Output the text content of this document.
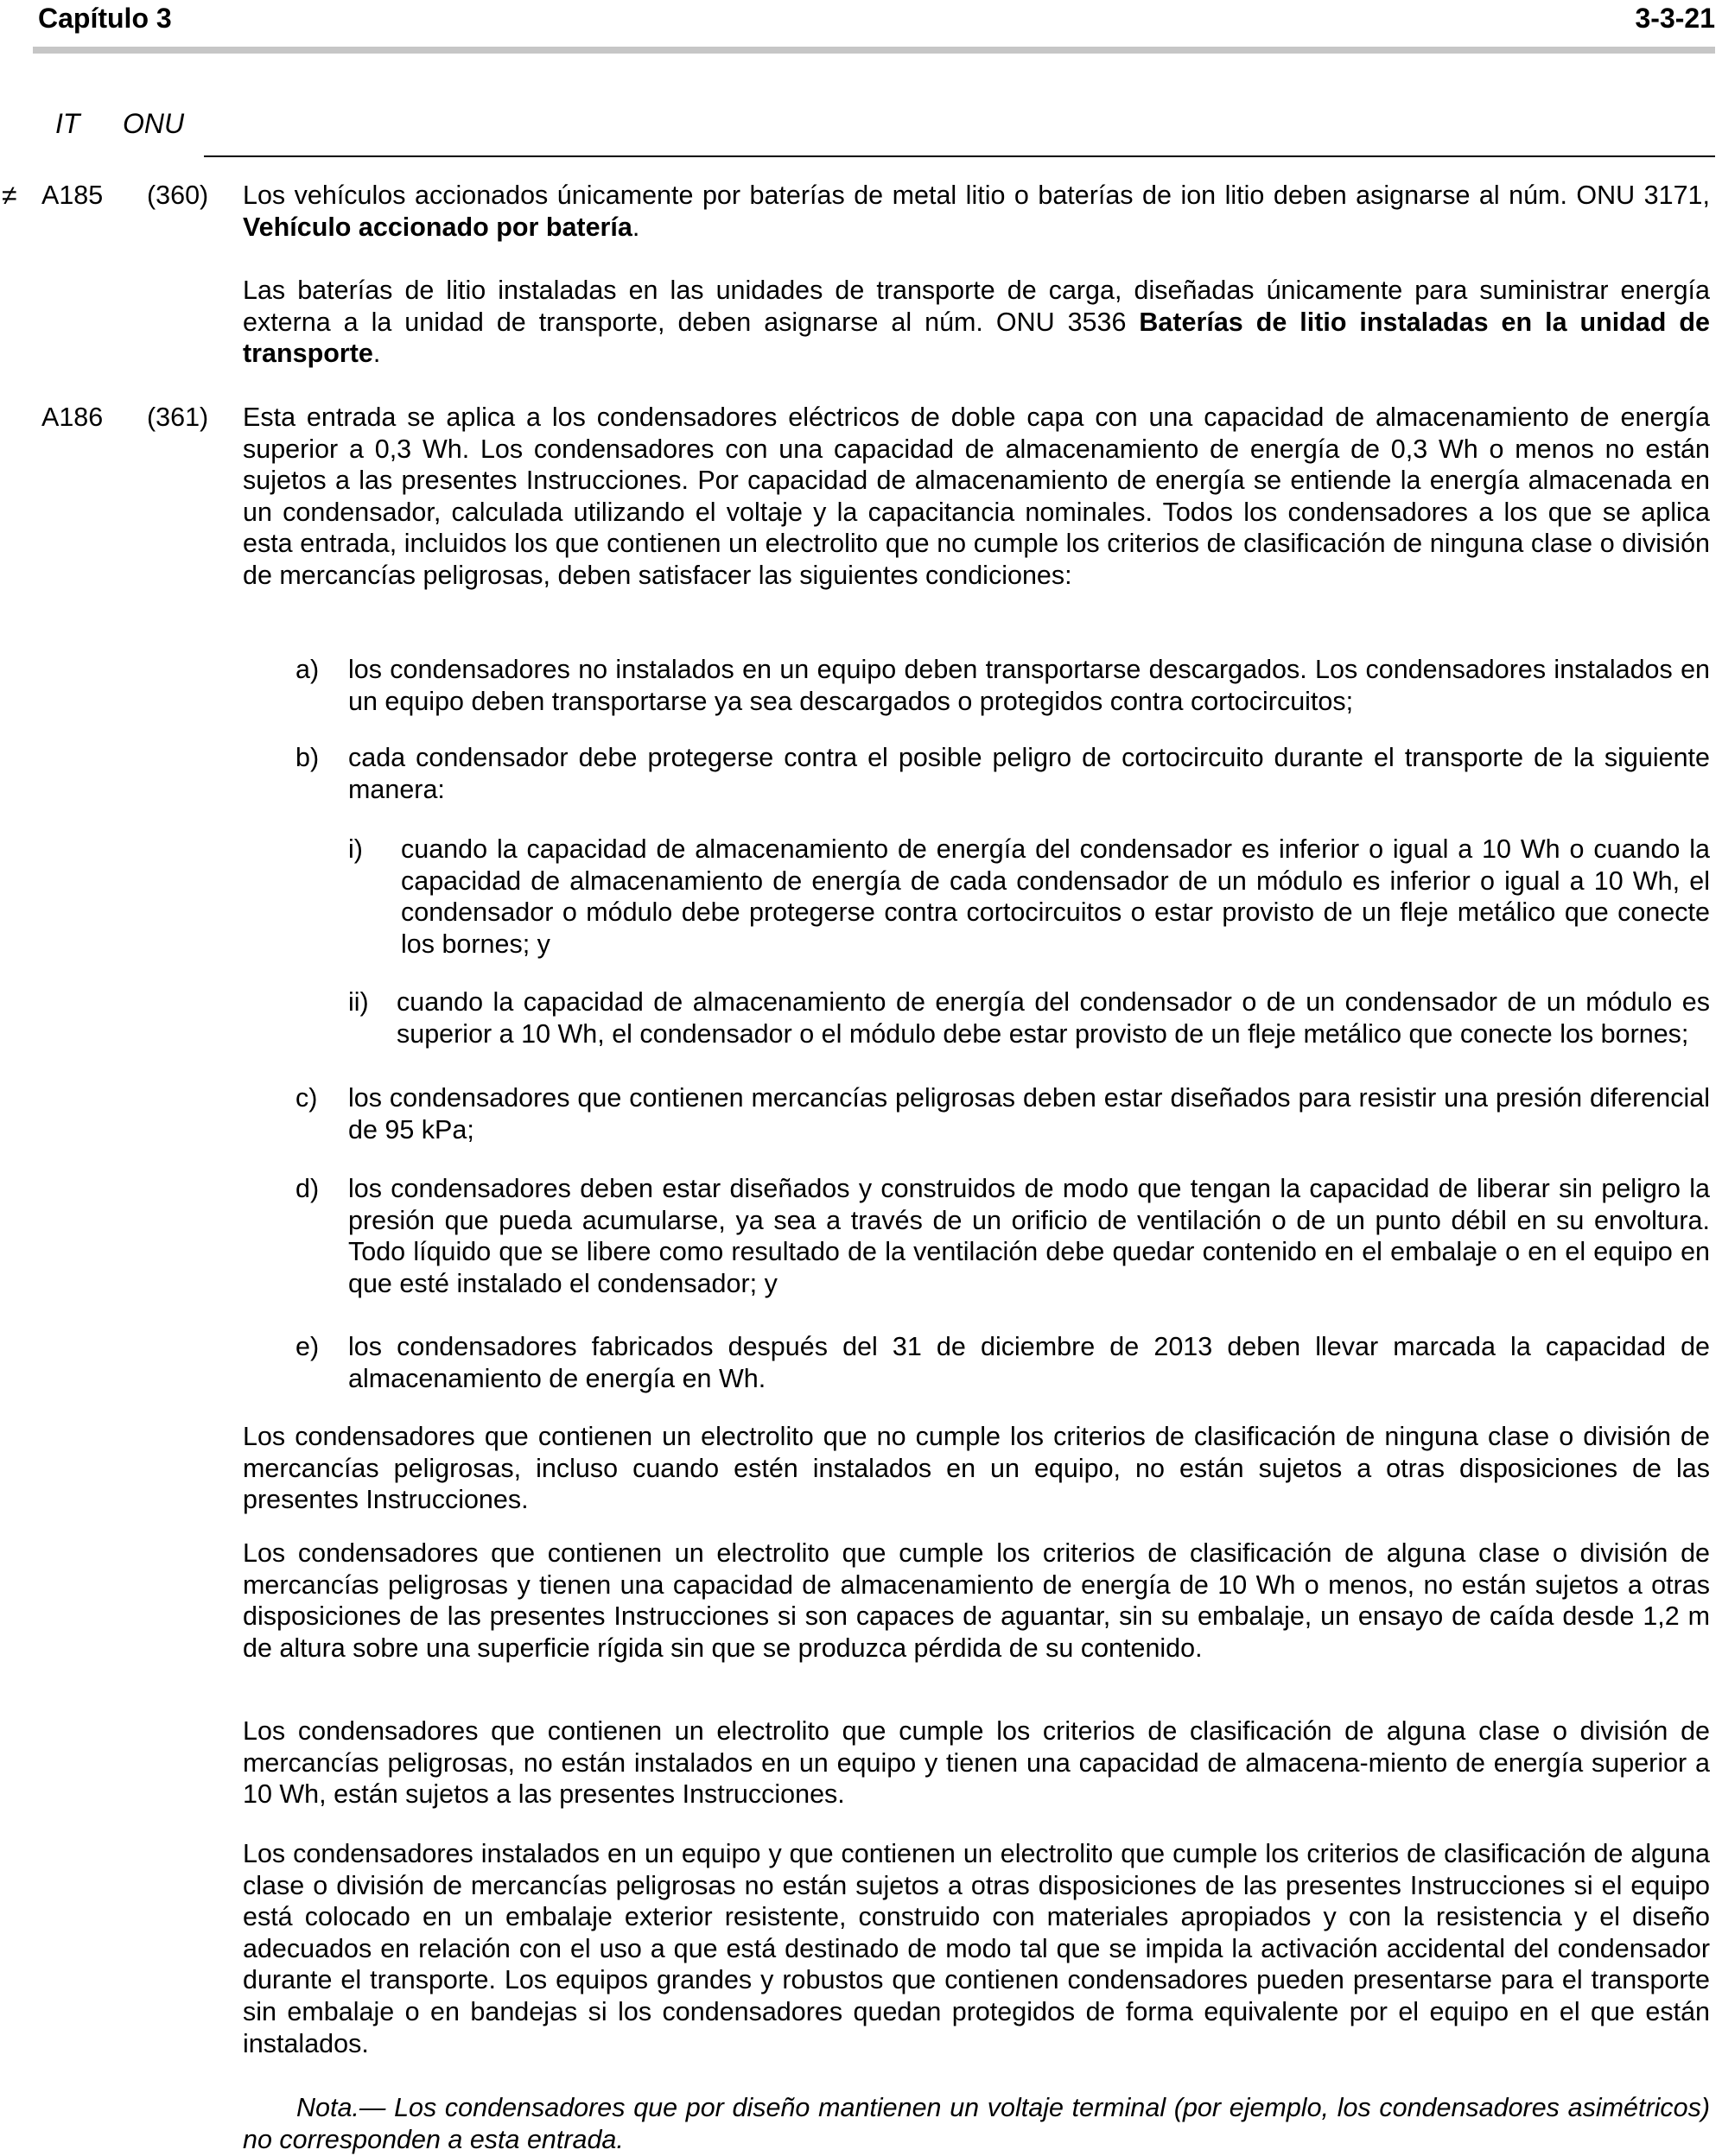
Capítulo 3	3-3-21
IT ONU
≠ A185 (360) Los vehículos accionados únicamente por baterías de metal litio o baterías de ion litio deben asignarse al núm. ONU 3171, Vehículo accionado por batería.

Las baterías de litio instaladas en las unidades de transporte de carga, diseñadas únicamente para suministrar energía externa a la unidad de transporte, deben asignarse al núm. ONU 3536 Baterías de litio instaladas en la unidad de transporte.

A186 (361) Esta entrada se aplica a los condensadores eléctricos de doble capa con una capacidad de almacenamiento de energía superior a 0,3 Wh. Los condensadores con una capacidad de almacenamiento de energía de 0,3 Wh o menos no están sujetos a las presentes Instrucciones. Por capacidad de almacenamiento de energía se entiende la energía almacenada en un condensador, calculada utilizando el voltaje y la capacitancia nominales. Todos los condensadores a los que se aplica esta entrada, incluidos los que contienen un electrolito que no cumple los criterios de clasificación de ninguna clase o división de mercancías peligrosas, deben satisfacer las siguientes condiciones:

a) los condensadores no instalados en un equipo deben transportarse descargados. Los condensadores instalados en un equipo deben transportarse ya sea descargados o protegidos contra cortocircuitos;

b) cada condensador debe protegerse contra el posible peligro de cortocircuito durante el transporte de la siguiente manera:

i) cuando la capacidad de almacenamiento de energía del condensador es inferior o igual a 10 Wh o cuando la capacidad de almacenamiento de energía de cada condensador de un módulo es inferior o igual a 10 Wh, el condensador o módulo debe protegerse contra cortocircuitos o estar provisto de un fleje metálico que conecte los bornes; y

ii) cuando la capacidad de almacenamiento de energía del condensador o de un condensador de un módulo es superior a 10 Wh, el condensador o el módulo debe estar provisto de un fleje metálico que conecte los bornes;

c) los condensadores que contienen mercancías peligrosas deben estar diseñados para resistir una presión diferencial de 95 kPa;

d) los condensadores deben estar diseñados y construidos de modo que tengan la capacidad de liberar sin peligro la presión que pueda acumularse, ya sea a través de un orificio de ventilación o de un punto débil en su envoltura. Todo líquido que se libere como resultado de la ventilación debe quedar contenido en el embalaje o en el equipo en que esté instalado el condensador; y

e) los condensadores fabricados después del 31 de diciembre de 2013 deben llevar marcada la capacidad de almacenamiento de energía en Wh.

Los condensadores que contienen un electrolito que no cumple los criterios de clasificación de ninguna clase o división de mercancías peligrosas, incluso cuando estén instalados en un equipo, no están sujetos a otras disposiciones de las presentes Instrucciones.

Los condensadores que contienen un electrolito que cumple los criterios de clasificación de alguna clase o división de mercancías peligrosas y tienen una capacidad de almacenamiento de energía de 10 Wh o menos, no están sujetos a otras disposiciones de las presentes Instrucciones si son capaces de aguantar, sin su embalaje, un ensayo de caída desde 1,2 m de altura sobre una superficie rígida sin que se produzca pérdida de su contenido.

Los condensadores que contienen un electrolito que cumple los criterios de clasificación de alguna clase o división de mercancías peligrosas, no están instalados en un equipo y tienen una capacidad de almacena-miento de energía superior a 10 Wh, están sujetos a las presentes Instrucciones.

Los condensadores instalados en un equipo y que contienen un electrolito que cumple los criterios de clasificación de alguna clase o división de mercancías peligrosas no están sujetos a otras disposiciones de las presentes Instrucciones si el equipo está colocado en un embalaje exterior resistente, construido con materiales apropiados y con la resistencia y el diseño adecuados en relación con el uso a que está destinado de modo tal que se impida la activación accidental del condensador durante el transporte. Los equipos grandes y robustos que contienen condensadores pueden presentarse para el transporte sin embalaje o en bandejas si los condensadores quedan protegidos de forma equivalente por el equipo en el que están instalados.

Nota.— Los condensadores que por diseño mantienen un voltaje terminal (por ejemplo, los condensadores asimétricos) no corresponden a esta entrada.
